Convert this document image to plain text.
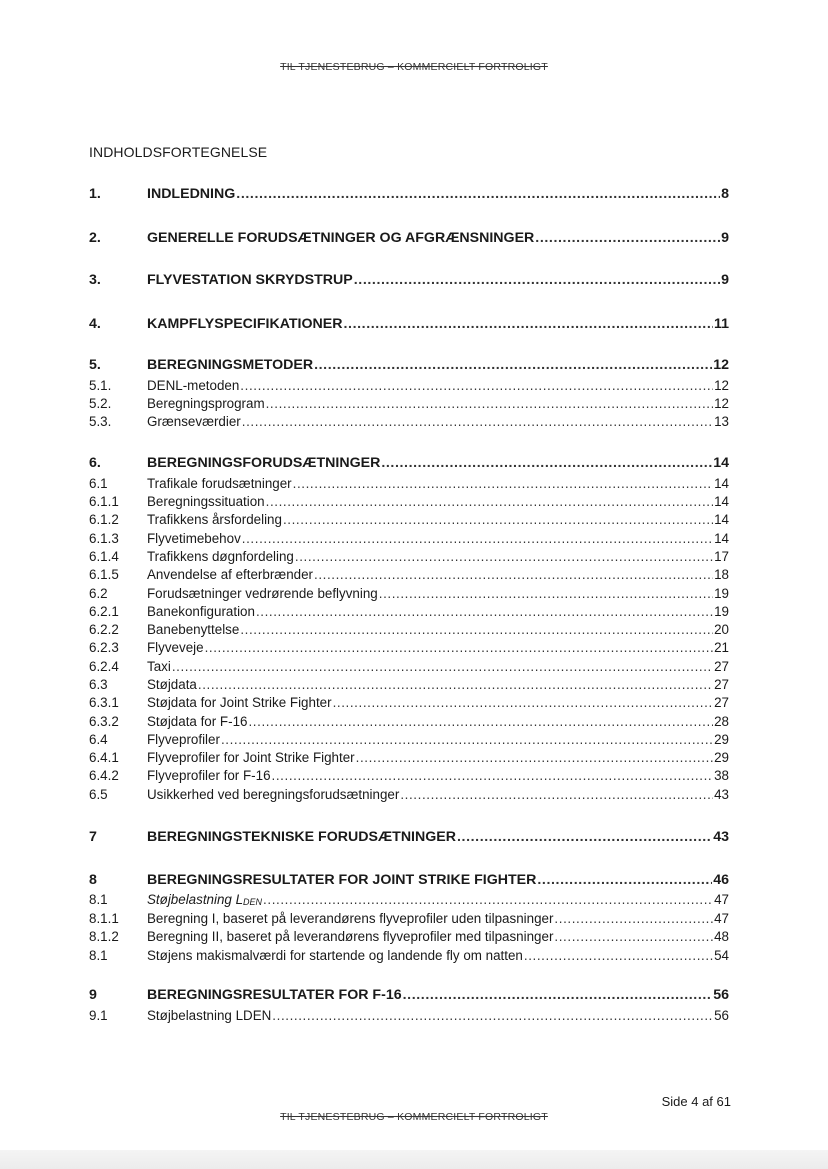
TIL TJENESTEBRUG – KOMMERCIELT FORTROLIGT
INDHOLDSFORTEGNELSE
1.	INDLEDNING .....	8
2.	GENERELLE FORUDSÆTNINGER OG AFGRÆNSNINGER .....	9
3.	FLYVESTATION SKRYDSTRUP .....	9
4.	KAMPFLYSPECIFIKATIONER .....	11
5.	BEREGNINGSMETODER .....	12
5.1.	DENL-metoden .....	12
5.2.	Beregningsprogram .....	12
5.3.	Grænseværdier .....	13
6.	BEREGNINGSFORUDSÆTNINGER .....	14
6.1	Trafikale forudsætninger .....	14
6.1.1	Beregningssituation .....	14
6.1.2	Trafikkens årsfordeling .....	14
6.1.3	Flyvetimebehov .....	14
6.1.4	Trafikkens døgnfordeling .....	17
6.1.5	Anvendelse af efterbrænder .....	18
6.2	Forudsætninger vedrørende beflyvning .....	19
6.2.1	Banekonfiguration .....	19
6.2.2	Banebenyttelse .....	20
6.2.3	Flyveveje .....	21
6.2.4	Taxi .....	27
6.3	Støjdata .....	27
6.3.1	Støjdata for Joint Strike Fighter .....	27
6.3.2	Støjdata for F-16 .....	28
6.4	Flyveprofiler .....	29
6.4.1	Flyveprofiler for Joint Strike Fighter .....	29
6.4.2	Flyveprofiler for F-16 .....	38
6.5	Usikkerhed ved beregningsforudsætninger .....	43
7	BEREGNINGSTEKNISKE FORUDSÆTNINGER .....	43
8	BEREGNINGSRESULTATER FOR JOINT STRIKE FIGHTER .....	46
8.1	Støjbelastning LDEN .....	47
8.1.1	Beregning I, baseret på leverandørens flyveprofiler uden tilpasninger .....	47
8.1.2	Beregning II, baseret på leverandørens flyveprofiler med tilpasninger .....	48
8.1	Støjens makismalværdi for startende og landende fly om natten .....	54
9	BEREGNINGSRESULTATER FOR F-16 .....	56
9.1	Støjbelastning LDEN .....	56
Side 4 af 61
TIL TJENESTEBRUG – KOMMERCIELT FORTROLIGT
